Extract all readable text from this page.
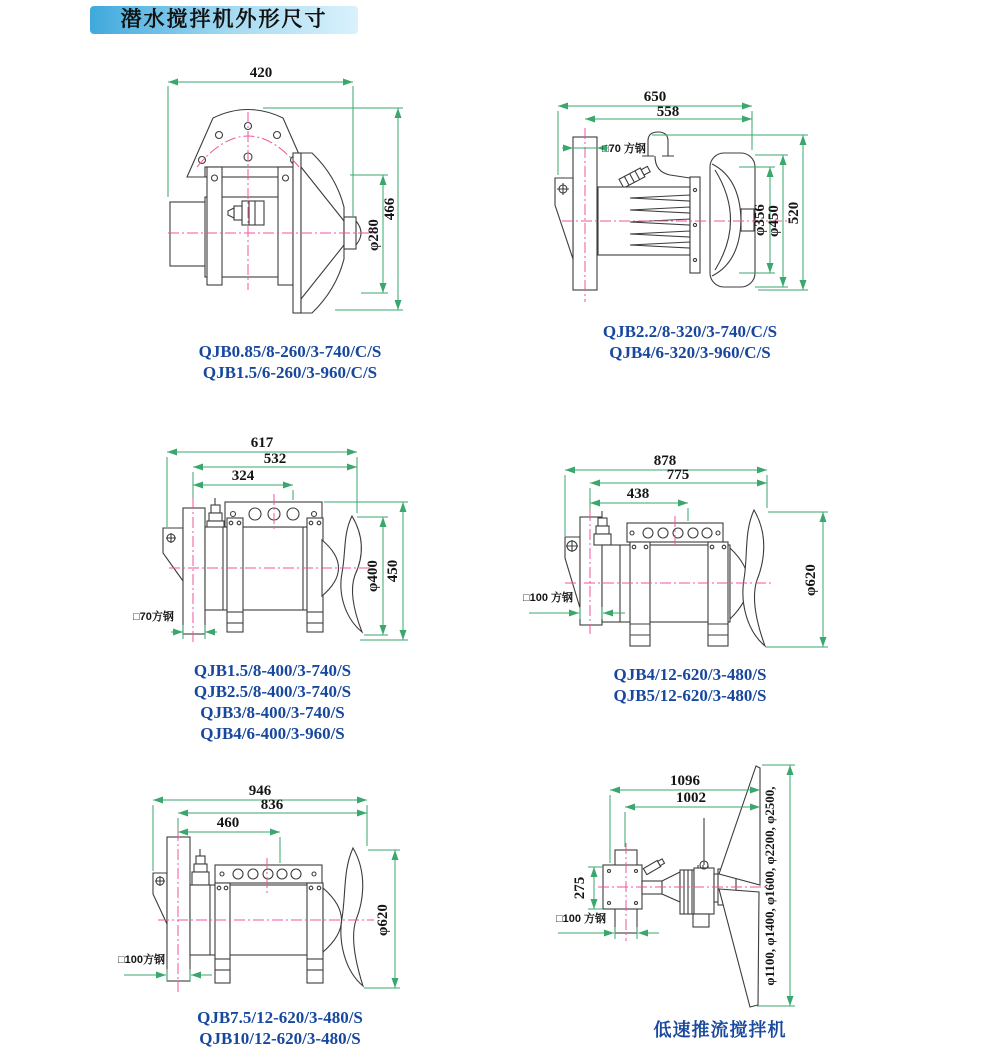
潜水搅拌机外形尺寸
420
466
φ280
QJB0.85/8-260/3-740/C/S
QJB1.5/6-260/3-960/C/S
650
558
□70 方钢
φ356
φ450 520
QJB2.2/8-320/3-740/C/S
QJB4/6-320/3-960/C/S
617
532
324
φ400 450
□70方钢
QJB1.5/8-400/3-740/S
QJB2.5/8-400/3-740/S
QJB3/8-400/3-740/S
QJB4/6-400/3-960/S
878
775
438
φ620
□100 方钢
QJB4/12-620/3-480/S
QJB5/12-620/3-480/S
946
836
460
φ620
□100方钢
QJB7.5/12-620/3-480/S
QJB10/12-620/3-480/S
1096
1002
275	φ1100, φ1400, φ1600, φ2200, φ2500,
□100 方钢
低速推流搅拌机
